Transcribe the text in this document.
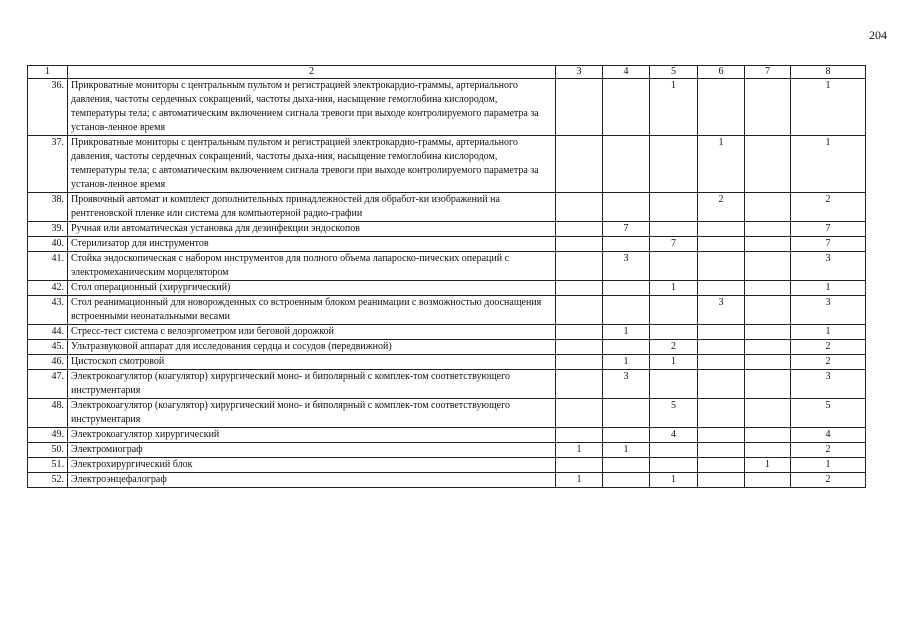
204
1	2	3	4	5	6	7	8
36.	Прикроватные мониторы с центральным пультом и регистрацией электрокардио-граммы, артериального давления, частоты сердечных сокращений, частоты дыха-ния, насыщение гемоглобина кислородом, температуры тела; с автоматическим включением сигнала тревоги при выходе контролируемого параметра за установ-ленное время			1			1
37.	Прикроватные мониторы с центральным пультом и регистрацией электрокардио-граммы, артериального давления, частоты сердечных сокращений, частоты дыха-ния, насыщение гемоглобина кислородом, температуры тела; с автоматическим включением сигнала тревоги при выходе контролируемого параметра за установ-ленное время				1		1
38.	Проявочный автомат и комплект дополнительных принадлежностей для обработ-ки изображений на рентгеновской пленке или система для компьютерной радио-графии				2		2
39.	Ручная или автоматическая установка для дезинфекции эндоскопов		7				7
40.	Стерилизатор для инструментов			7			7
41.	Стойка эндоскопическая с набором инструментов для полного объема лапароско-пических операций с электромеханическим морцелятором		3				3
42.	Стол операционный (хирургический)			1			1
43.	Стол реанимационный для новорожденных со встроенным блоком реанимации с возможностью дооснащения встроенными неонатальными весами				3		3
44.	Стресс-тест система с велоэргометром или беговой дорожкой		1				1
45.	Ультразвуковой аппарат для исследования сердца и сосудов (передвижной)			2			2
46.	Цистоскоп смотровой		1	1			2
47.	Электрокоагулятор (коагулятор) хирургический моно- и биполярный с комплек-том соответствующего инструментария		3				3
48.	Электрокоагулятор (коагулятор) хирургический моно- и биполярный с комплек-том соответствующего инструментария			5			5
49.	Электрокоагулятор хирургический			4			4
50.	Электромиограф	1	1				2
51.	Электрохирургический блок					1	1
52.	Электроэнцефалограф	1		1			2
